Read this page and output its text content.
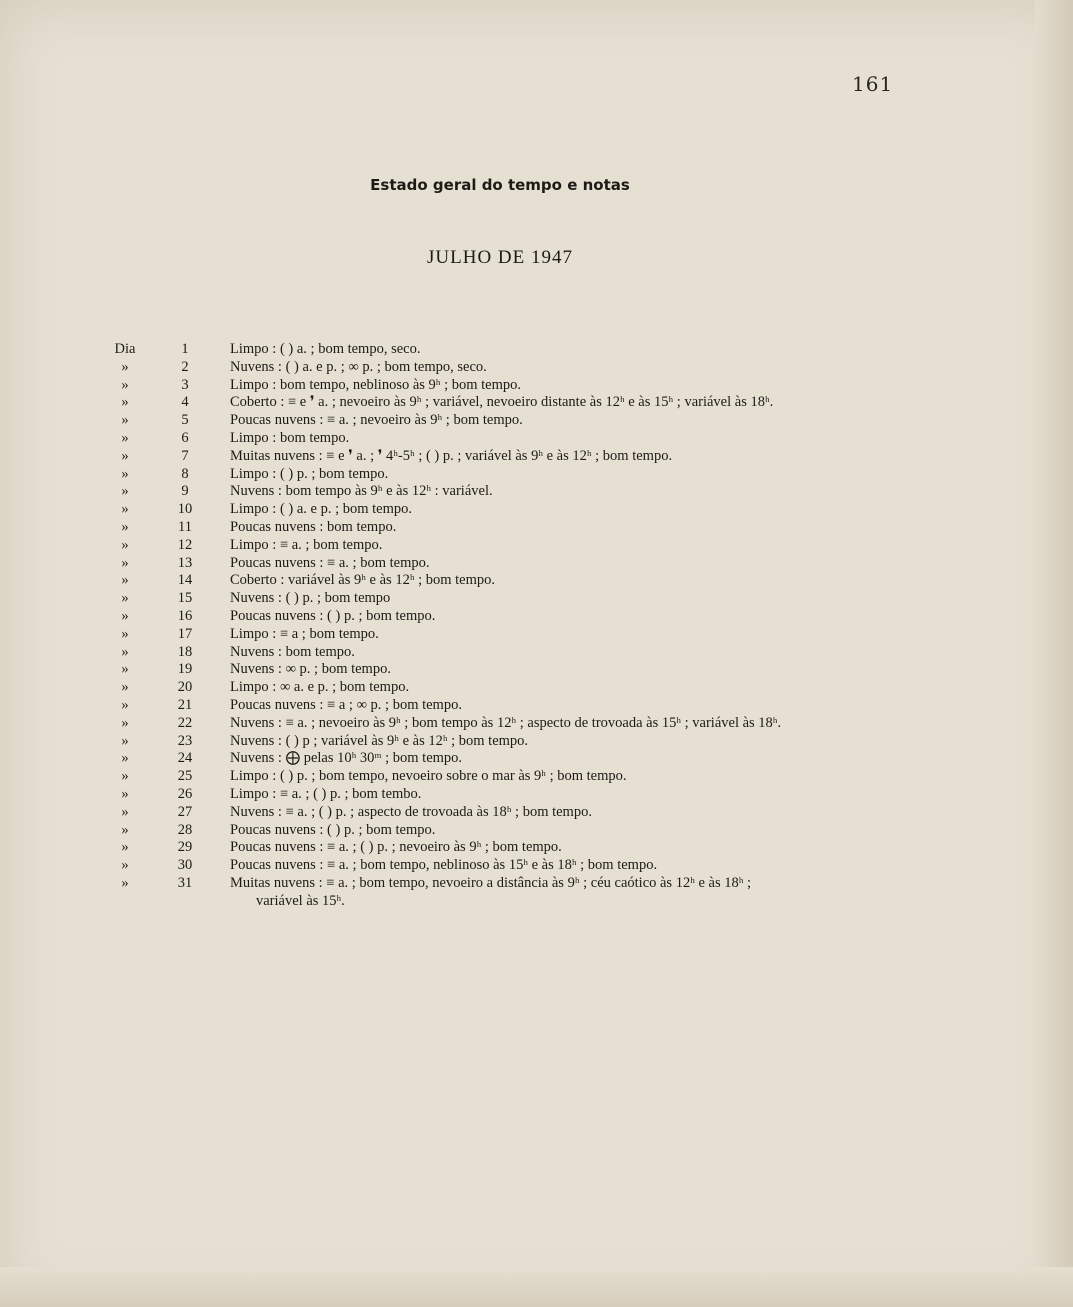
161
Estado geral do tempo e notas
JULHO DE 1947
Dia	1	Limpo : ( ) a. ; bom tempo, seco.
»	2	Nuvens : ( ) a. e p. ; ∞ p. ; bom tempo, seco.
»	3	Limpo : bom tempo, neblinoso às 9ʰ ; bom tempo.
»	4	Coberto : ≡ e ❜ a. ; nevoeiro às 9ʰ ; variável, nevoeiro distante às 12ʰ e às 15ʰ ; variável às 18ʰ.
»	5	Poucas nuvens : ≡ a. ; nevoeiro às 9ʰ ; bom tempo.
»	6	Limpo : bom tempo.
»	7	Muitas nuvens : ≡ e ❜ a. ; ❜ 4ʰ-5ʰ ; ( ) p. ; variável às 9ʰ e às 12ʰ ; bom tempo.
»	8	Limpo : ( ) p. ; bom tempo.
»	9	Nuvens : bom tempo às 9ʰ e às 12ʰ : variável.
»	10	Limpo : ( ) a. e p. ; bom tempo.
»	11	Poucas nuvens : bom tempo.
»	12	Limpo : ≡ a. ; bom tempo.
»	13	Poucas nuvens : ≡ a. ; bom tempo.
»	14	Coberto : variável às 9ʰ e às 12ʰ ; bom tempo.
»	15	Nuvens : ( ) p. ; bom tempo
»	16	Poucas nuvens : ( ) p. ; bom tempo.
»	17	Limpo : ≡ a ; bom tempo.
»	18	Nuvens : bom tempo.
»	19	Nuvens : ∞ p. ; bom tempo.
»	20	Limpo : ∞ a. e p. ; bom tempo.
»	21	Poucas nuvens : ≡ a ; ∞ p. ; bom tempo.
»	22	Nuvens : ≡ a. ; nevoeiro às 9ʰ ; bom tempo às 12ʰ ; aspecto de trovoada às 15ʰ ; variável às 18ʰ.
»	23	Nuvens : ( ) p ; variável às 9ʰ e às 12ʰ ; bom tempo.
»	24	Nuvens : ⨁ pelas 10ʰ 30ᵐ ; bom tempo.
»	25	Limpo : ( ) p. ; bom tempo, nevoeiro sobre o mar às 9ʰ ; bom tempo.
»	26	Limpo : ≡ a. ; ( ) p. ; bom tembo.
»	27	Nuvens : ≡ a. ; ( ) p. ; aspecto de trovoada às 18ʰ ; bom tempo.
»	28	Poucas nuvens : ( ) p. ; bom tempo.
»	29	Poucas nuvens : ≡ a. ; ( ) p. ; nevoeiro às 9ʰ ; bom tempo.
»	30	Poucas nuvens : ≡ a. ; bom tempo, neblinoso às 15ʰ e às 18ʰ ; bom tempo.
»	31	Muitas nuvens : ≡ a. ; bom tempo, nevoeiro a distância às 9ʰ ; céu caótico às 12ʰ e às 18ʰ ;
variável às 15ʰ.
